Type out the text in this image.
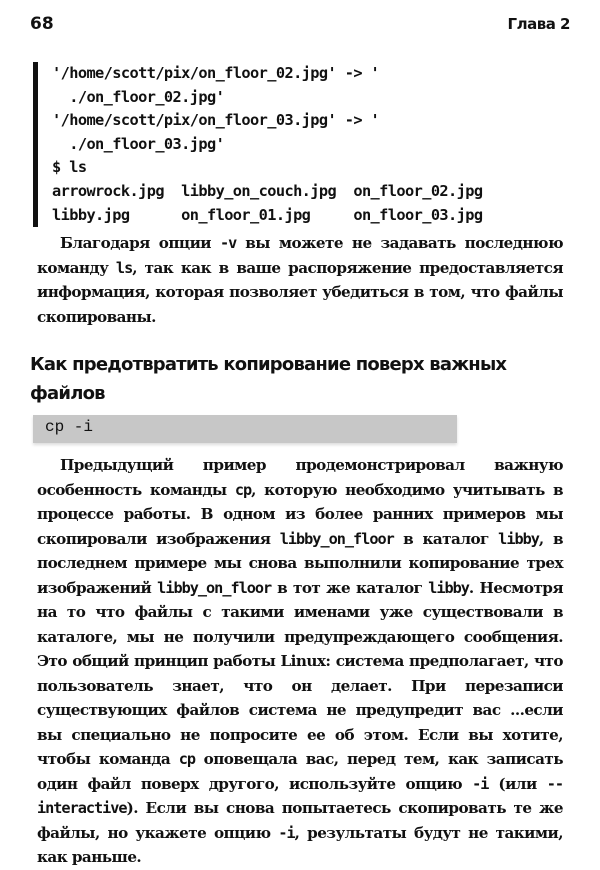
68	Глава 2
'/home/scott/pix/on_floor_02.jpg' -> '
./on_floor_02.jpg'
'/home/scott/pix/on_floor_03.jpg' -> '
./on_floor_03.jpg'
$ ls
arrowrock.jpg  libby_on_couch.jpg  on_floor_02.jpg
libby.jpg      on_floor_01.jpg     on_floor_03.jpg
Благодаря опции -v вы можете не задавать последнюю команду ls, так как в ваше распоряжение предоставляется информация, которая позволяет убедиться в том, что файлы скопированы.
Как предотвратить копирование поверх важных файлов
cp -i
Предыдущий пример продемонстрировал важную особенность команды cp, которую необходимо учитывать в процессе работы. В одном из более ранних примеров мы скопировали изображения libby_on_floor в каталог libby, в последнем примере мы снова выполнили копирование трех изображений libby_on_floor в тот же каталог libby. Несмотря на то что файлы с такими именами уже существовали в каталоге, мы не получили предупреждающего сообщения. Это общий принцип работы Linux: система предполагает, что пользователь знает, что он делает. При перезаписи существующих файлов система не предупредит вас ...если вы специально не попросите ее об этом. Если вы хотите, чтобы команда cp оповещала вас, перед тем, как записать один файл поверх другого, используйте опцию -i (или --interactive). Если вы снова попытаетесь скопировать те же файлы, но укажете опцию -i, результаты будут не такими, как раньше.
